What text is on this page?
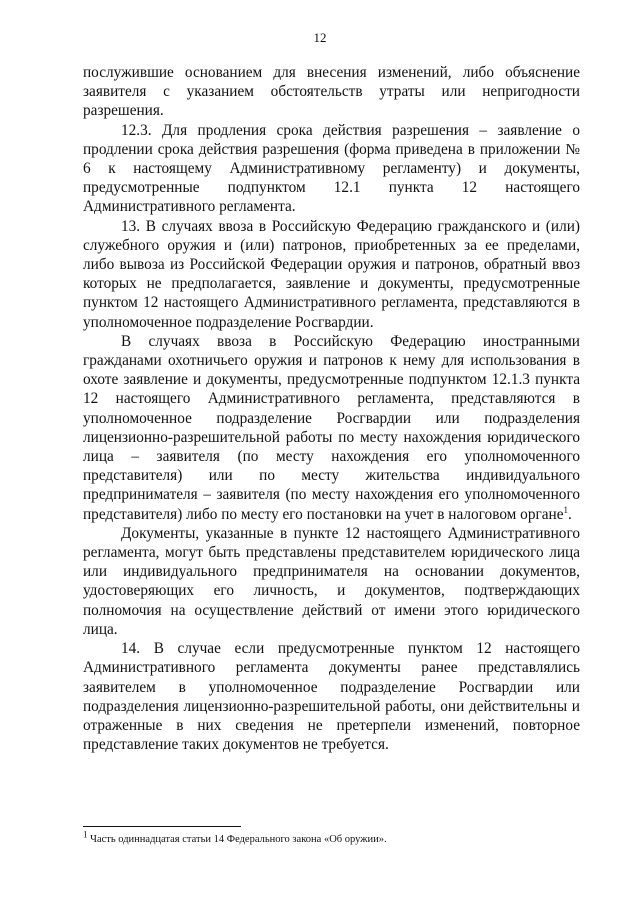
12

послужившие основанием для внесения изменений, либо объяснение заявителя с указанием обстоятельств утраты или непригодности разрешения.

12.3. Для продления срока действия разрешения – заявление о продлении срока действия разрешения (форма приведена в приложении № 6 к настоящему Административному регламенту) и документы, предусмотренные подпунктом 12.1 пункта 12 настоящего Административного регламента.

13. В случаях ввоза в Российскую Федерацию гражданского и (или) служебного оружия и (или) патронов, приобретенных за ее пределами, либо вывоза из Российской Федерации оружия и патронов, обратный ввоз которых не предполагается, заявление и документы, предусмотренные пунктом 12 настоящего Административного регламента, представляются в уполномоченное подразделение Росгвардии.

В случаях ввоза в Российскую Федерацию иностранными гражданами охотничьего оружия и патронов к нему для использования в охоте заявление и документы, предусмотренные подпунктом 12.1.3 пункта 12 настоящего Административного регламента, представляются в уполномоченное подразделение Росгвардии или подразделения лицензионно-разрешительной работы по месту нахождения юридического лица – заявителя (по месту нахождения его уполномоченного представителя) или по месту жительства индивидуального предпринимателя – заявителя (по месту нахождения его уполномоченного представителя) либо по месту его постановки на учет в налоговом органе$^1$.

Документы, указанные в пункте 12 настоящего Административного регламента, могут быть представлены представителем юридического лица или индивидуального предпринимателя на основании документов, удостоверяющих его личность, и документов, подтверждающих полномочия на осуществление действий от имени этого юридического лица.

14. В случае если предусмотренные пунктом 12 настоящего Административного регламента документы ранее представлялись заявителем в уполномоченное подразделение Росгвардии или подразделения лицензионно-разрешительной работы, они действительны и отраженные в них сведения не претерпели изменений, повторное представление таких документов не требуется.

$^1$ Часть одиннадцатая статьи 14 Федерального закона «Об оружии».
